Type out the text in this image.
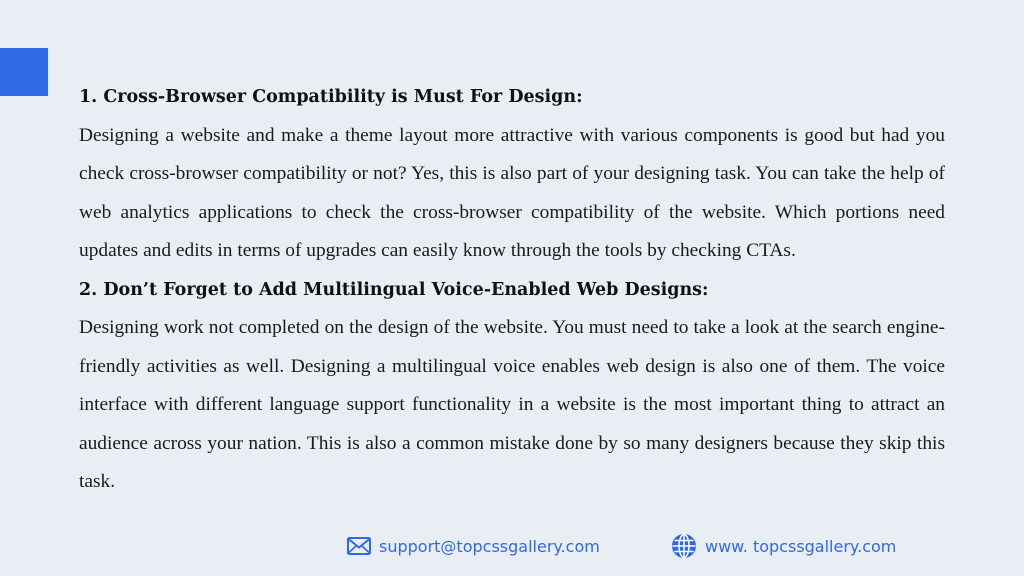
1. Cross-Browser Compatibility is Must For Design:

Designing a website and make a theme layout more attractive with various components is good but had you check cross-browser compatibility or not? Yes, this is also part of your designing task. You can take the help of web analytics applications to check the cross-browser compatibility of the website. Which portions need updates and edits in terms of upgrades can easily know through the tools by checking CTAs.

2. Don’t Forget to Add Multilingual Voice-Enabled Web Designs:

Designing work not completed on the design of the website. You must need to take a look at the search engine-friendly activities as well. Designing a multilingual voice enables web design is also one of them. The voice interface with different language support functionality in a website is the most important thing to attract an audience across your nation. This is also a common mistake done by so many designers because they skip this task.

support@topcssgallery.com	www. topcssgallery.com
